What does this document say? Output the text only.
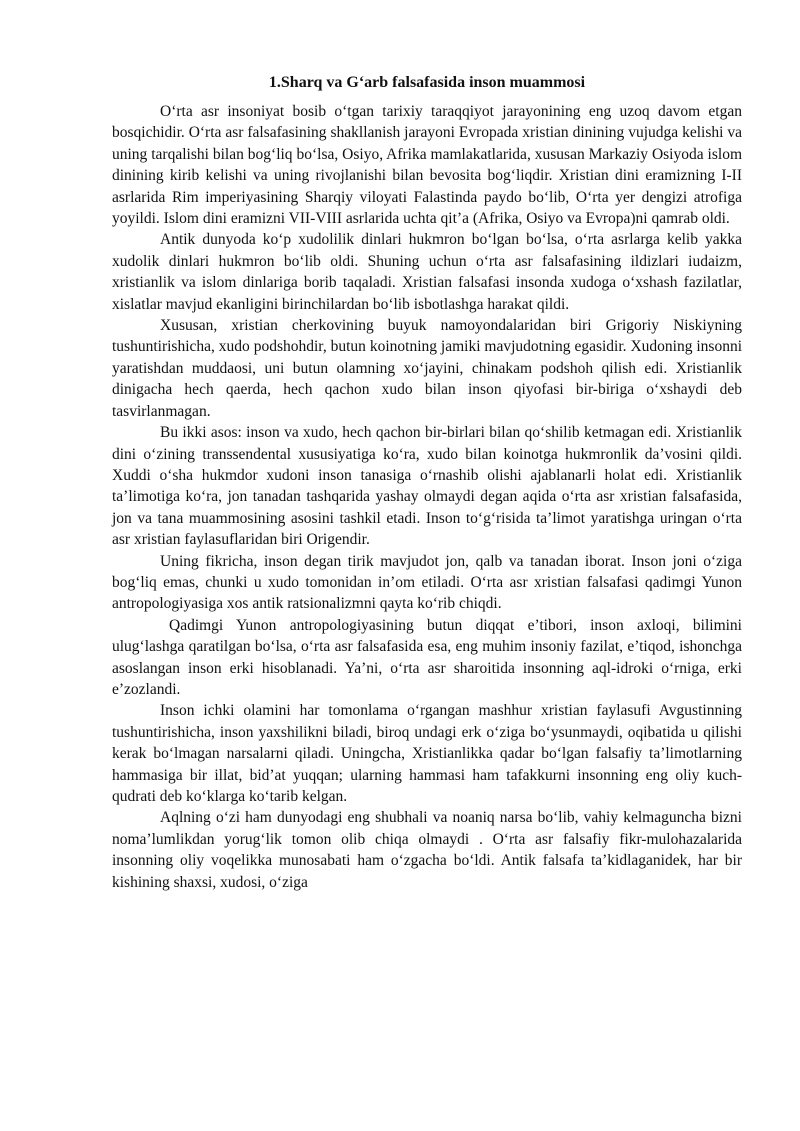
1.Sharq va G‘arb falsafasida inson muammosi

O‘rta asr insoniyat bosib o‘tgan tarixiy taraqqiyot jarayonining eng uzoq davom etgan bosqichidir. O‘rta asr falsafasining shakllanish jarayoni Evropada xristian dinining vujudga kelishi va uning tarqalishi bilan bog‘liq bo‘lsa, Osiyo, Afrika mamlakatlarida, xususan Markaziy Osiyoda islom dinining kirib kelishi va uning rivojlanishi bilan bevosita bog‘liqdir. Xristian dini eramizning I-II asrlarida Rim imperiyasining Sharqiy viloyati Falastinda paydo bo‘lib, O‘rta yer dengizi atrofiga yoyildi. Islom dini eramizni VII-VIII asrlarida uchta qit’a (Afrika, Osiyo va Evropa)ni qamrab oldi.

Antik dunyoda ko‘p xudolilik dinlari hukmron bo‘lgan bo‘lsa, o‘rta asrlarga kelib yakka xudolik dinlari hukmron bo‘lib oldi. Shuning uchun o‘rta asr falsafasining ildizlari iudaizm, xristianlik va islom dinlariga borib taqaladi. Xristian falsafasi insonda xudoga o‘xshash fazilatlar, xislatlar mavjud ekanligini birinchilardan bo‘lib isbotlashga harakat qildi.

Xususan, xristian cherkovining buyuk namoyondalaridan biri Grigoriy Niskiyning tushuntirishicha, xudo podshohdir, butun koinotning jamiki mavjudotning egasidir. Xudoning insonni yaratishdan muddaosi, uni butun olamning xo‘jayini, chinakam podshoh qilish edi. Xristianlik dinigacha hech qaerda, hech qachon xudo bilan inson qiyofasi bir-biriga o‘xshaydi deb tasvirlanmagan.

Bu ikki asos: inson va xudo, hech qachon bir-birlari bilan qo‘shilib ketmagan edi. Xristianlik dini o‘zining transsendental xususiyatiga ko‘ra, xudo bilan koinotga hukmronlik da’vosini qildi. Xuddi o‘sha hukmdor xudoni inson tanasiga o‘rnashib olishi ajablanarli holat edi. Xristianlik ta’limotiga ko‘ra, jon tanadan tashqarida yashay olmaydi degan aqida o‘rta asr xristian falsafasida, jon va tana muammosining asosini tashkil etadi. Inson to‘g‘risida ta’limot yaratishga uringan o‘rta asr xristian faylasuflaridan biri Origendir.

Uning fikricha, inson degan tirik mavjudot jon, qalb va tanadan iborat. Inson joni o‘ziga bog‘liq emas, chunki u xudo tomonidan in’om etiladi. O‘rta asr xristian falsafasi qadimgi Yunon antropologiyasiga xos antik ratsionalizmni qayta ko‘rib chiqdi.

Qadimgi Yunon antropologiyasining butun diqqat e’tibori, inson axloqi, bilimini ulug‘lashga qaratilgan bo‘lsa, o‘rta asr falsafasida esa, eng muhim insoniy fazilat, e’tiqod, ishonchga asoslangan inson erki hisoblanadi. Ya’ni, o‘rta asr sharoitida insonning aql-idroki o‘rniga, erki e’zozlandi.

Inson ichki olamini har tomonlama o‘rgangan mashhur xristian faylasufi Avgustinning tushuntirishicha, inson yaxshilikni biladi, biroq undagi erk o‘ziga bo‘ysunmaydi, oqibatida u qilishi kerak bo‘lmagan narsalarni qiladi. Uningcha, Xristianlikka qadar bo‘lgan falsafiy ta’limotlarning hammasiga bir illat, bid’at yuqqan; ularning hammasi ham tafakkurni insonning eng oliy kuch-qudrati deb ko‘klarga ko‘tarib kelgan.

Aqlning o‘zi ham dunyodagi eng shubhali va noaniq narsa bo‘lib, vahiy kelmaguncha bizni noma’lumlikdan yorug‘lik tomon olib chiqa olmaydi . O‘rta asr falsafiy fikr-mulohazalarida insonning oliy voqelikka munosabati ham o‘zgacha bo‘ldi. Antik falsafa ta’kidlaganidek, har bir kishining shaxsi, xudosi, o‘ziga
